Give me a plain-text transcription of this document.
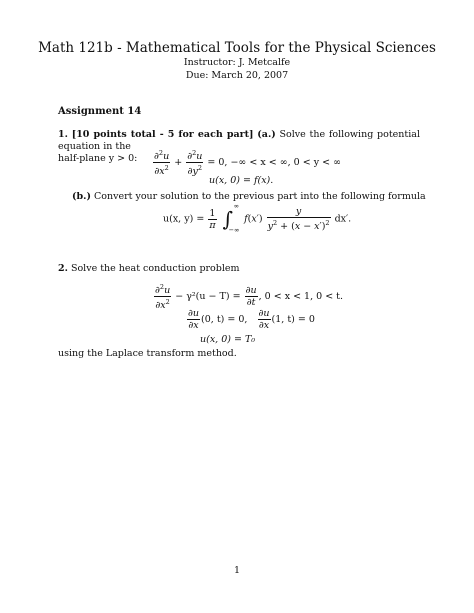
Math 121b - Mathematical Tools for the Physical Sciences
Instructor: J. Metcalfe
Due: March 20, 2007
Assignment 14
1. [10 points total - 5 for each part] (a.) Solve the following potential equation in the
half-plane y > 0:	$\frac{\partial^2u}{\partial x^2} + \frac{\partial^2u}{\partial y^2} = 0$, −∞ < x < ∞, 0 < y < ∞
u(x, 0) = f(x).
(b.) Convert your solution to the previous part into the following formula
u(x, $y) = \frac{1}{\pi}$ ∫
∞
−∞
$f(x') \frac{y}{y^2 + (x - x')^2} dx'$.
2. Solve the heat conduction problem
$\frac{\partial^2u}{\partial x^2} - \gamma^2(u - T) = \frac{\partial u}{\partial t}$ , 0 < x < 1, 0 < t.
$\frac{\partial u}{\partial x} (0$, t) = 0, $\frac{\partial u}{\partial x} (1$, t) = 0
u(x, 0) = T₀
using the Laplace transform method.
1
